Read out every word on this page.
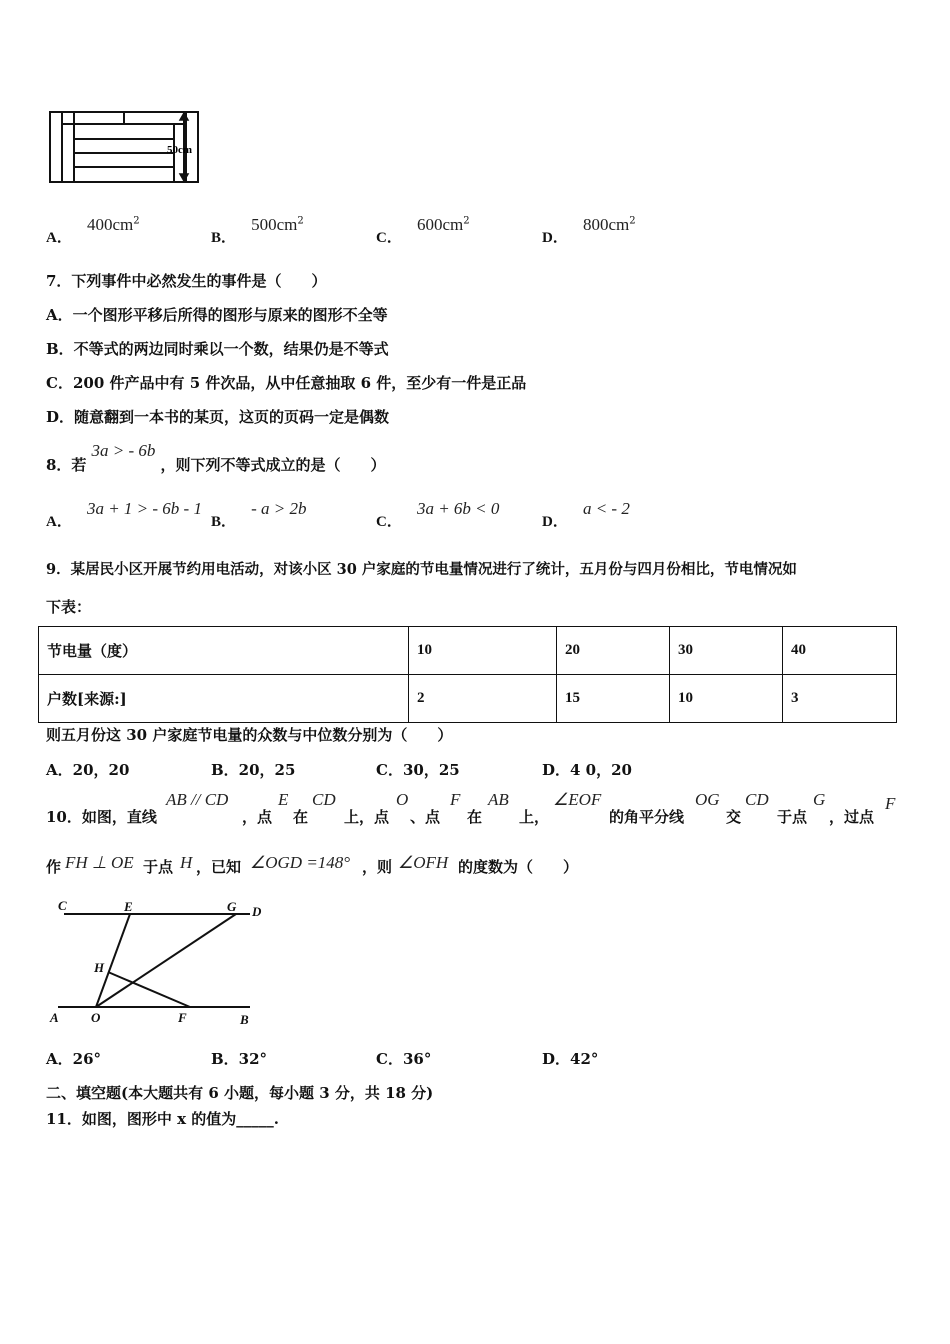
50cm
A． $400cm^2$
B． $500cm^2$
C． $600cm^2$
D． $800cm^2$
7．下列事件中必然发生的事件是（　　）
A．一个图形平移后所得的图形与原来的图形不全等
B．不等式的两边同时乘以一个数，结果仍是不等式
C．200 件产品中有 5 件次品，从中任意抽取 6 件，至少有一件是正品
D．随意翻到一本书的某页，这页的页码一定是偶数
8．若 3a > - 6b ，则下列不等式成立的是（　　）
A． 3a + 1 > - 6b - 1
B． - a > 2b
C． 3a + 6b < 0
D． a < - 2
9．某居民小区开展节约用电活动，对该小区 30 户家庭的节电量情况进行了统计，五月份与四月份相比，节电情况如
下表：
节电量（度）	10	20	30	40
户数[来源:]	2	15	10	3
则五月份这 30 户家庭节电量的众数与中位数分别为（　　）
A．20，20	B．20，25	C．30，25	D．4 0，20
10．如图，直线
AB // CD
，点
E
在
CD
上，点
O
、点
F
在
AB
上，
∠EOF
的角平分线
OG
交
CD
于点
G
，过点
F
作 FH ⊥ OE 于点 H ，已知 ∠OGD =148° ，则 ∠OFH 的度数为（　　）
C	E	G D
H
A O	F	B
A．26°	B．32°	C．36°	D．42°
二、填空题(本大题共有 6 小题，每小题 3 分，共 18 分)
11．如图，图形中 x 的值为_____.
